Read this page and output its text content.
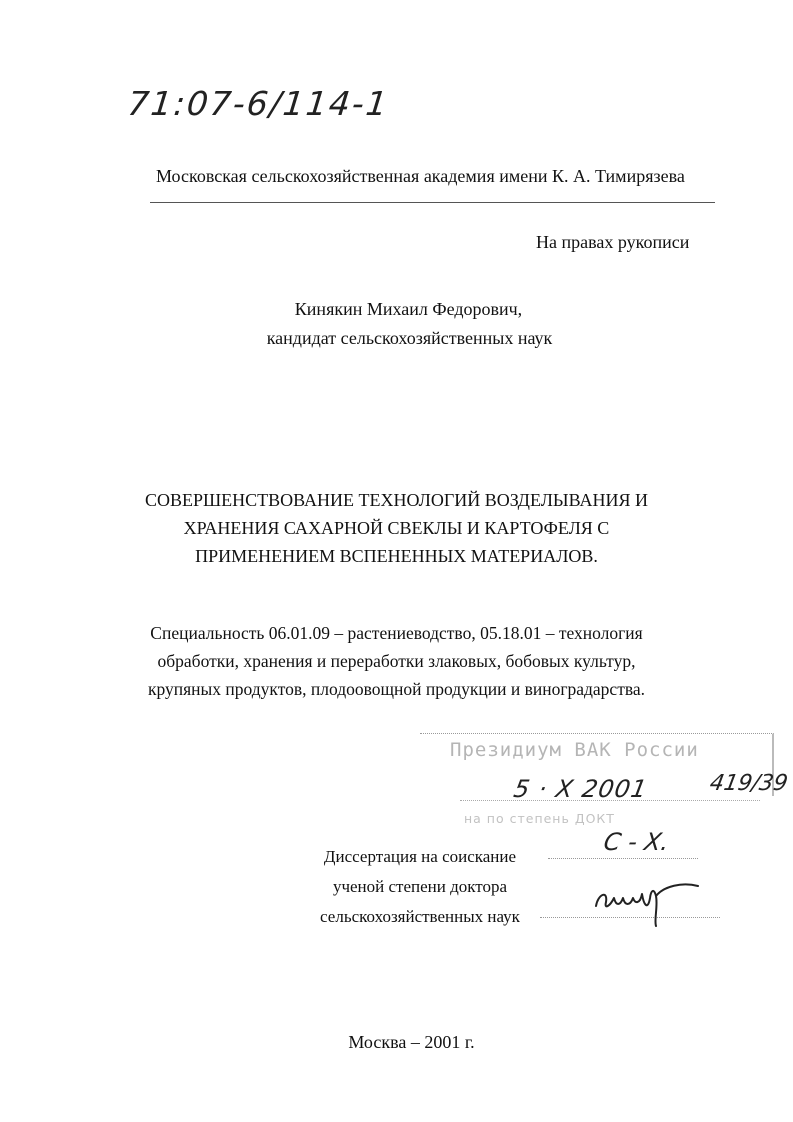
71:07-6/114-1
Московская сельскохозяйственная академия имени К. А. Тимирязева
На правах рукописи
Кинякин Михаил Федорович,
кандидат сельскохозяйственных наук
СОВЕРШЕНСТВОВАНИЕ ТЕХНОЛОГИЙ ВОЗДЕЛЫВАНИЯ И
ХРАНЕНИЯ САХАРНОЙ СВЕКЛЫ И КАРТОФЕЛЯ С
ПРИМЕНЕНИЕМ ВСПЕНЕННЫХ МАТЕРИАЛОВ.
Специальность 06.01.09 – растениеводство, 05.18.01 – технология
обработки, хранения и переработки злаковых, бобовых культур,
крупяных продуктов, плодоовощной продукции и виноградарства.
Президиум ВАК России
5 · Х 2001	419/39
на по степень ДОКТ
С - Х.
Диссертация на соискание
ученой степени доктора
сельскохозяйственных наук
Москва – 2001 г.
